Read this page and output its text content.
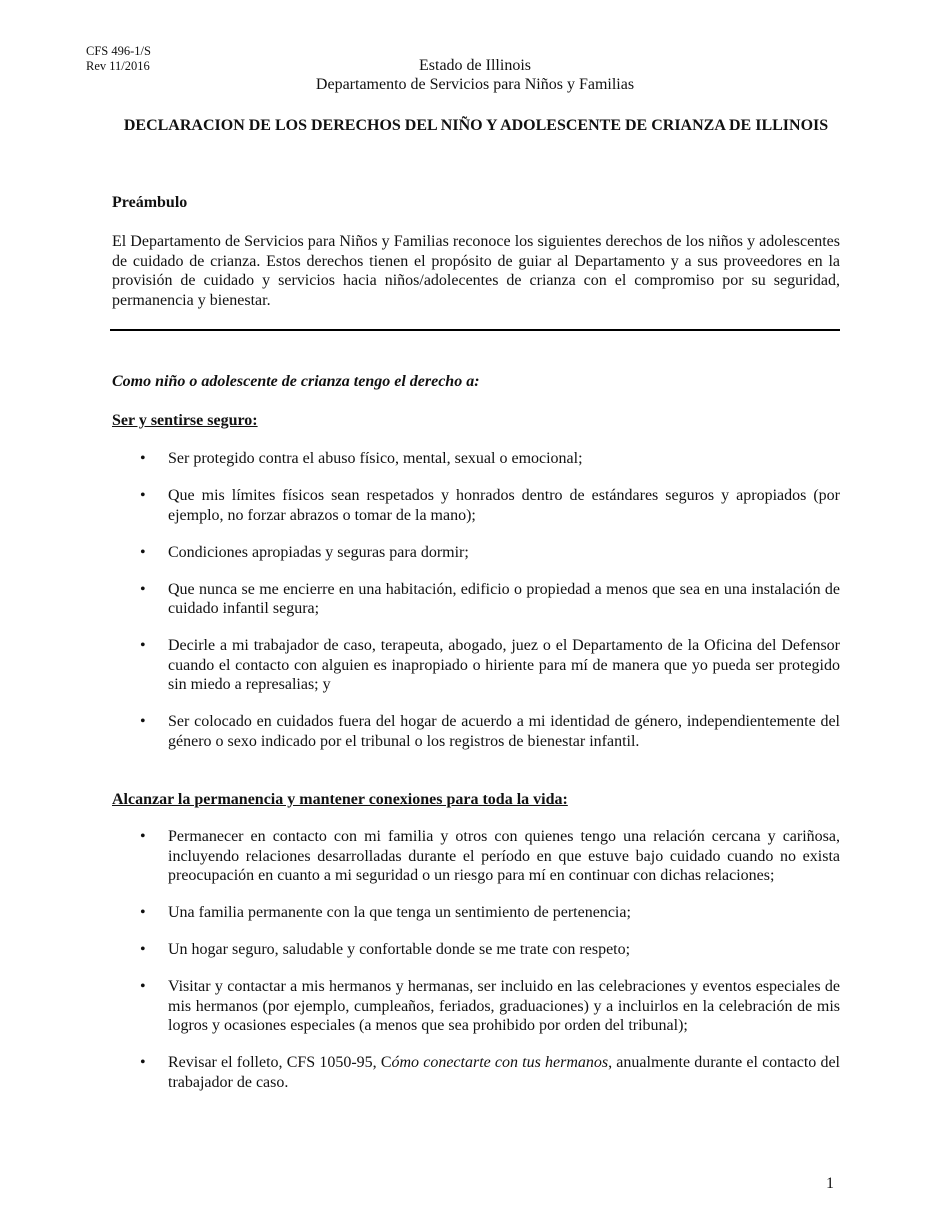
CFS 496-1/S
Rev 11/2016	Estado de Illinois
Departamento de Servicios para Niños y Familias
DECLARACION DE LOS DERECHOS DEL NIÑO Y ADOLESCENTE DE CRIANZA DE ILLINOIS
Preámbulo
El Departamento de Servicios para Niños y Familias reconoce los siguientes derechos de los niños y adolescentes de cuidado de crianza. Estos derechos tienen el propósito de guiar al Departamento y a sus proveedores en la provisión de cuidado y servicios hacia niños/adolecentes de crianza con el compromiso por su seguridad, permanencia y bienestar.
Como niño o adolescente de crianza tengo el derecho a:
Ser y sentirse seguro:
• Ser protegido contra el abuso físico, mental, sexual o emocional;
• Que mis límites físicos sean respetados y honrados dentro de estándares seguros y apropiados (por ejemplo, no forzar abrazos o tomar de la mano);
• Condiciones apropiadas y seguras para dormir;
• Que nunca se me encierre en una habitación, edificio o propiedad a menos que sea en una instalación de cuidado infantil segura;
• Decirle a mi trabajador de caso, terapeuta, abogado, juez o el Departamento de la Oficina del Defensor cuando el contacto con alguien es inapropiado o hiriente para mí de manera que yo pueda ser protegido sin miedo a represalias; y
• Ser colocado en cuidados fuera del hogar de acuerdo a mi identidad de género, independientemente del género o sexo indicado por el tribunal o los registros de bienestar infantil.
Alcanzar la permanencia y mantener conexiones para toda la vida:
• Permanecer en contacto con mi familia y otros con quienes tengo una relación cercana y cariñosa, incluyendo relaciones desarrolladas durante el período en que estuve bajo cuidado cuando no exista preocupación en cuanto a mi seguridad o un riesgo para mí en continuar con dichas relaciones;
• Una familia permanente con la que tenga un sentimiento de pertenencia;
• Un hogar seguro, saludable y confortable donde se me trate con respeto;
• Visitar y contactar a mis hermanos y hermanas, ser incluido en las celebraciones y eventos especiales de mis hermanos (por ejemplo, cumpleaños, feriados, graduaciones) y a incluirlos en la celebración de mis logros y ocasiones especiales (a menos que sea prohibido por orden del tribunal);
• Revisar el folleto, CFS 1050-95, Cómo conectarte con tus hermanos, anualmente durante el contacto del trabajador de caso.
1
